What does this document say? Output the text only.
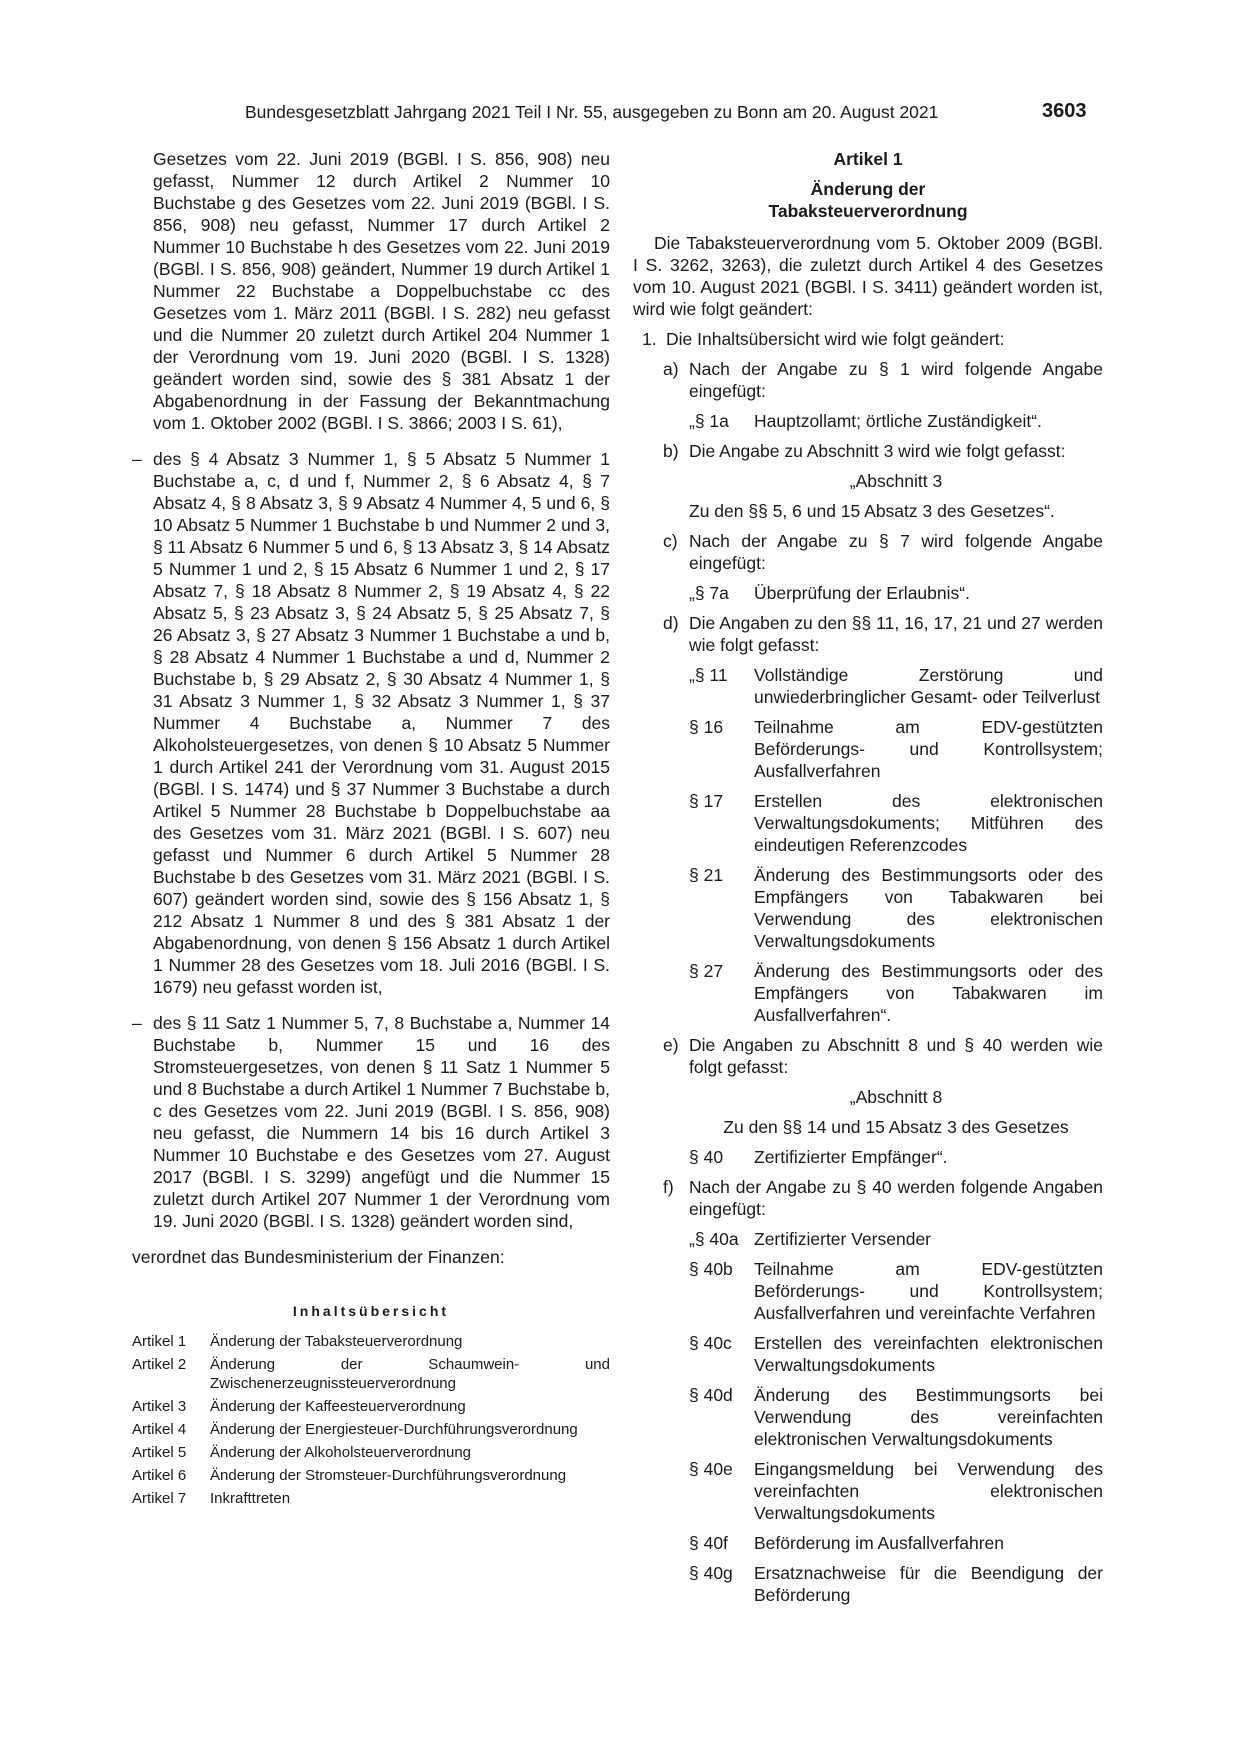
Bundesgesetzblatt Jahrgang 2021 Teil I Nr. 55, ausgegeben zu Bonn am 20. August 2021	3603

Gesetzes vom 22. Juni 2019 (BGBl. I S. 856, 908) neu gefasst, Nummer 12 durch Artikel 2 Nummer 10 Buchstabe g des Gesetzes vom 22. Juni 2019 (BGBl. I S. 856, 908) neu gefasst, Nummer 17 durch Artikel 2 Nummer 10 Buchstabe h des Gesetzes vom 22. Juni 2019 (BGBl. I S. 856, 908) geändert, Nummer 19 durch Artikel 1 Nummer 22 Buchstabe a Doppelbuchstabe cc des Gesetzes vom 1. März 2011 (BGBl. I S. 282) neu gefasst und die Nummer 20 zuletzt durch Artikel 204 Nummer 1 der Verordnung vom 19. Juni 2020 (BGBl. I S. 1328) geändert worden sind, sowie des § 381 Absatz 1 der Abgabenordnung in der Fassung der Bekanntmachung vom 1. Oktober 2002 (BGBl. I S. 3866; 2003 I S. 61),

– des § 4 Absatz 3 Nummer 1, § 5 Absatz 5 Nummer 1 Buchstabe a, c, d und f, Nummer 2, § 6 Absatz 4, § 7 Absatz 4, § 8 Absatz 3, § 9 Absatz 4 Nummer 4, 5 und 6, § 10 Absatz 5 Nummer 1 Buchstabe b und Nummer 2 und 3, § 11 Absatz 6 Nummer 5 und 6, § 13 Absatz 3, § 14 Absatz 5 Nummer 1 und 2, § 15 Absatz 6 Nummer 1 und 2, § 17 Absatz 7, § 18 Absatz 8 Nummer 2, § 19 Absatz 4, § 22 Absatz 5, § 23 Absatz 3, § 24 Absatz 5, § 25 Absatz 7, § 26 Absatz 3, § 27 Absatz 3 Nummer 1 Buchstabe a und b, § 28 Absatz 4 Nummer 1 Buchstabe a und d, Nummer 2 Buchstabe b, § 29 Absatz 2, § 30 Absatz 4 Nummer 1, § 31 Absatz 3 Nummer 1, § 32 Absatz 3 Nummer 1, § 37 Nummer 4 Buchstabe a, Nummer 7 des Alkoholsteuergesetzes, von denen § 10 Absatz 5 Nummer 1 durch Artikel 241 der Verordnung vom 31. August 2015 (BGBl. I S. 1474) und § 37 Nummer 3 Buchstabe a durch Artikel 5 Nummer 28 Buchstabe b Doppelbuchstabe aa des Gesetzes vom 31. März 2021 (BGBl. I S. 607) neu gefasst und Nummer 6 durch Artikel 5 Nummer 28 Buchstabe b des Gesetzes vom 31. März 2021 (BGBl. I S. 607) geändert worden sind, sowie des § 156 Absatz 1, § 212 Absatz 1 Nummer 8 und des § 381 Absatz 1 der Abgabenordnung, von denen § 156 Absatz 1 durch Artikel 1 Nummer 28 des Gesetzes vom 18. Juli 2016 (BGBl. I S. 1679) neu gefasst worden ist,
– des § 11 Satz 1 Nummer 5, 7, 8 Buchstabe a, Nummer 14 Buchstabe b, Nummer 15 und 16 des Stromsteuergesetzes, von denen § 11 Satz 1 Nummer 5 und 8 Buchstabe a durch Artikel 1 Nummer 7 Buchstabe b, c des Gesetzes vom 22. Juni 2019 (BGBl. I S. 856, 908) neu gefasst, die Nummern 14 bis 16 durch Artikel 3 Nummer 10 Buchstabe e des Gesetzes vom 27. August 2017 (BGBl. I S. 3299) angefügt und die Nummer 15 zuletzt durch Artikel 207 Nummer 1 der Verordnung vom 19. Juni 2020 (BGBl. I S. 1328) geändert worden sind,

verordnet das Bundesministerium der Finanzen:

Inhaltsübersicht
Artikel 1	Änderung der Tabaksteuerverordnung
Artikel 2	Änderung der Schaumwein- und Zwischenerzeugnissteuerverordnung
Artikel 3	Änderung der Kaffeesteuerverordnung
Artikel 4	Änderung der Energiesteuer-Durchführungsverordnung
Artikel 5	Änderung der Alkoholsteuerverordnung
Artikel 6	Änderung der Stromsteuer-Durchführungsverordnung
Artikel 7	Inkrafttreten
Artikel 1
Änderung der
Tabaksteuerverordnung

Die Tabaksteuerverordnung vom 5. Oktober 2009 (BGBl. I S. 3262, 3263), die zuletzt durch Artikel 4 des Gesetzes vom 10. August 2021 (BGBl. I S. 3411) geändert worden ist, wird wie folgt geändert:

1. Die Inhaltsübersicht wird wie folgt geändert:
a) Nach der Angabe zu § 1 wird folgende Angabe eingefügt:
„§ 1a	Hauptzollamt; örtliche Zuständigkeit“.
b) Die Angabe zu Abschnitt 3 wird wie folgt gefasst:
„Abschnitt 3
Zu den §§ 5, 6 und 15 Absatz 3 des Gesetzes“.
c) Nach der Angabe zu § 7 wird folgende Angabe eingefügt:
„§ 7a	Überprüfung der Erlaubnis“.
d) Die Angaben zu den §§ 11, 16, 17, 21 und 27 werden wie folgt gefasst:
„§ 11	Vollständige Zerstörung und unwiederbringlicher Gesamt- oder Teilverlust
§ 16	Teilnahme am EDV-gestützten Beförderungs- und Kontrollsystem; Ausfallverfahren
§ 17	Erstellen des elektronischen Verwaltungsdokuments; Mitführen des eindeutigen Referenzcodes
§ 21	Änderung des Bestimmungsorts oder des Empfängers von Tabakwaren bei Verwendung des elektronischen Verwaltungsdokuments
§ 27	Änderung des Bestimmungsorts oder des Empfängers von Tabakwaren im Ausfallverfahren“.
e) Die Angaben zu Abschnitt 8 und § 40 werden wie folgt gefasst:
„Abschnitt 8
Zu den §§ 14 und 15 Absatz 3 des Gesetzes
§ 40	Zertifizierter Empfänger“.
f) Nach der Angabe zu § 40 werden folgende Angaben eingefügt:
„§ 40a Zertifizierter Versender
§ 40b	Teilnahme am EDV-gestützten Beförderungs- und Kontrollsystem; Ausfallverfahren und vereinfachte Verfahren
§ 40c	Erstellen des vereinfachten elektronischen Verwaltungsdokuments
§ 40d	Änderung des Bestimmungsorts bei Verwendung des vereinfachten elektronischen Verwaltungsdokuments
§ 40e	Eingangsmeldung bei Verwendung des vereinfachten elektronischen Verwaltungsdokuments
§ 40f	Beförderung im Ausfallverfahren
§ 40g	Ersatznachweise für die Beendigung der Beförderung
